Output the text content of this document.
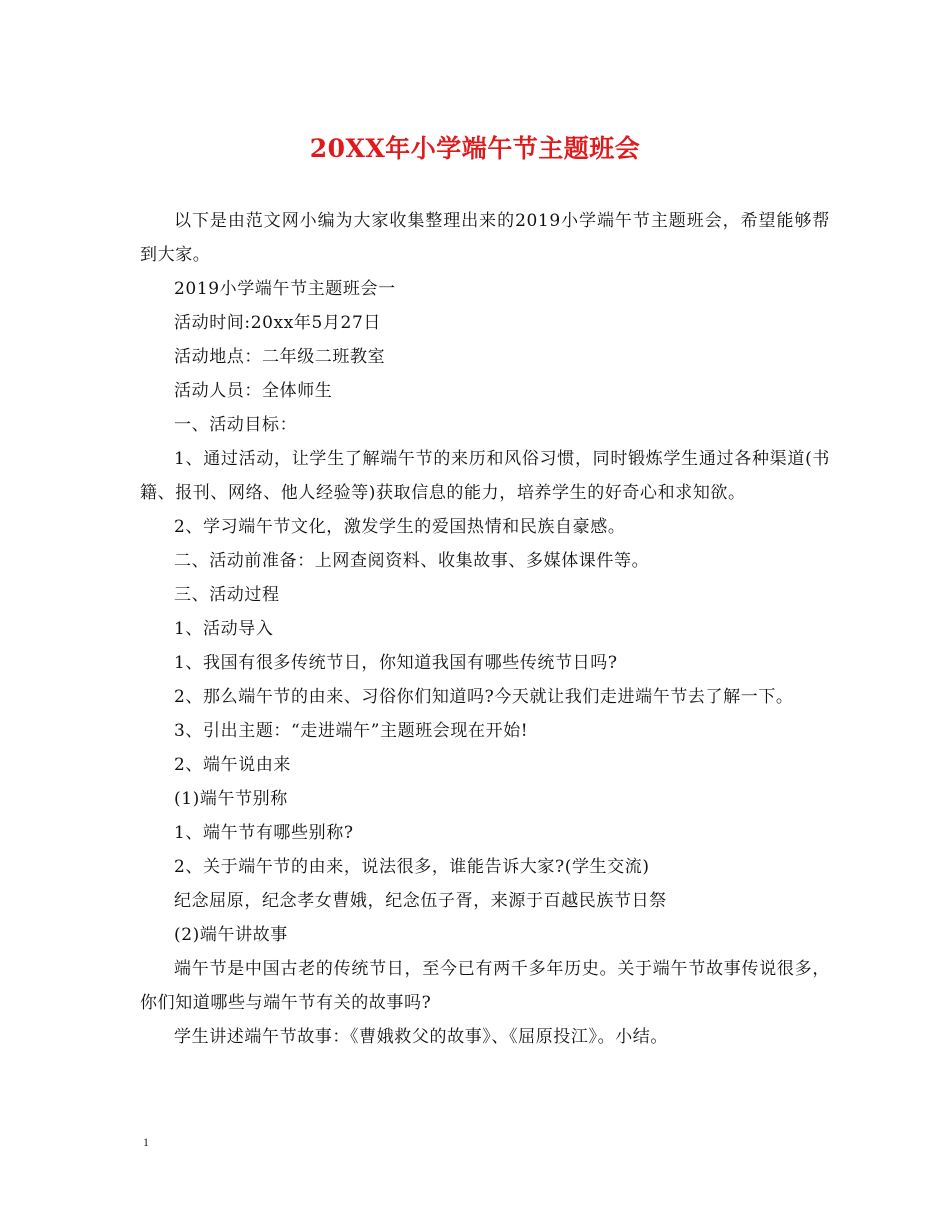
20XX年小学端午节主题班会

以下是由范文网小编为大家收集整理出来的2019小学端午节主题班会，希望能够帮到大家。

2019小学端午节主题班会一

活动时间:20xx年5月27日

活动地点：二年级二班教室

活动人员：全体师生

一、活动目标：

1、通过活动，让学生了解端午节的来历和风俗习惯，同时锻炼学生通过各种渠道(书籍、报刊、网络、他人经验等)获取信息的能力，培养学生的好奇心和求知欲。

2、学习端午节文化，激发学生的爱国热情和民族自豪感。

二、活动前准备：上网查阅资料、收集故事、多媒体课件等。

三、活动过程

1、活动导入

1、我国有很多传统节日，你知道我国有哪些传统节日吗?

2、那么端午节的由来、习俗你们知道吗?今天就让我们走进端午节去了解一下。

3、引出主题：“走进端午”主题班会现在开始!

2、端午说由来

(1)端午节别称

1、端午节有哪些别称?

2、关于端午节的由来，说法很多，谁能告诉大家?(学生交流)

纪念屈原，纪念孝女曹娥，纪念伍子胥，来源于百越民族节日祭

(2)端午讲故事

端午节是中国古老的传统节日，至今已有两千多年历史。关于端午节故事传说很多，你们知道哪些与端午节有关的故事吗?

学生讲述端午节故事：《曹娥救父的故事》、《屈原投江》。小结。

1
